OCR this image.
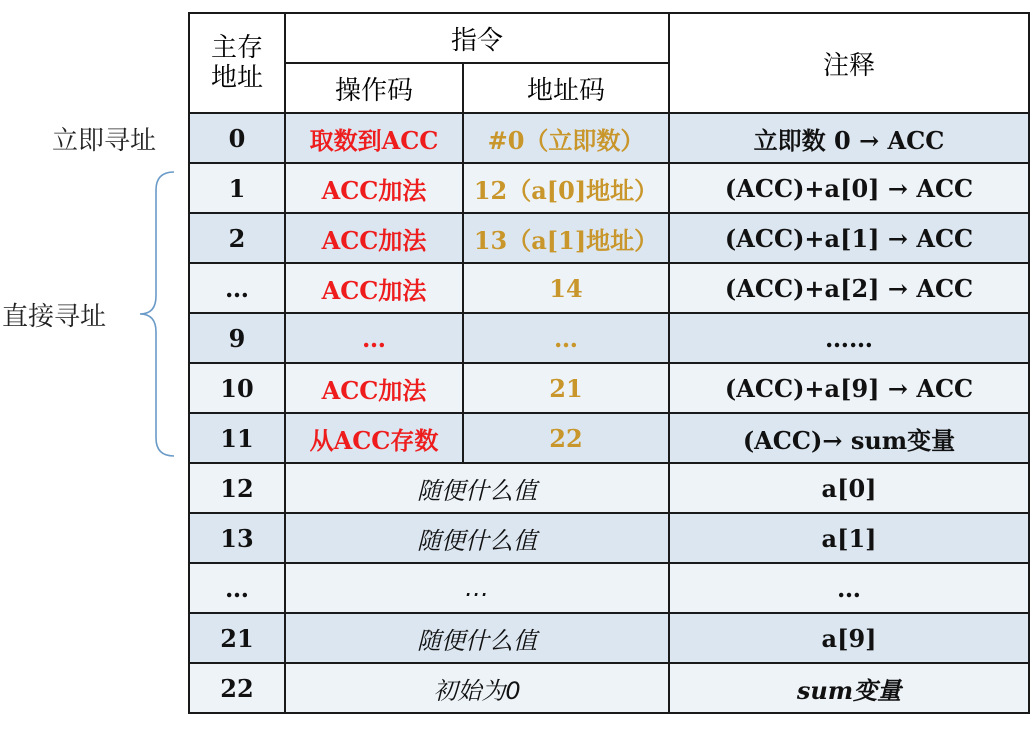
立即寻址
直接寻址
主存
地址	指令		注释
	操作码	地址码	
0	取数到ACC	#0（立即数）	立即数 0 → ACC
1	ACC加法	12（a[0]地址）	(ACC)+a[0] → ACC
2	ACC加法	13（a[1]地址）	(ACC)+a[1] → ACC
…	ACC加法	14	(ACC)+a[2] → ACC
9	…	…	……
10	ACC加法	21	(ACC)+a[9] → ACC
11	从ACC存数	22	(ACC)→ sum变量
12	随便什么值		a[0]
13	随便什么值		a[1]
…	…		…
21	随便什么值		a[9]
22	初始为0		sum变量
